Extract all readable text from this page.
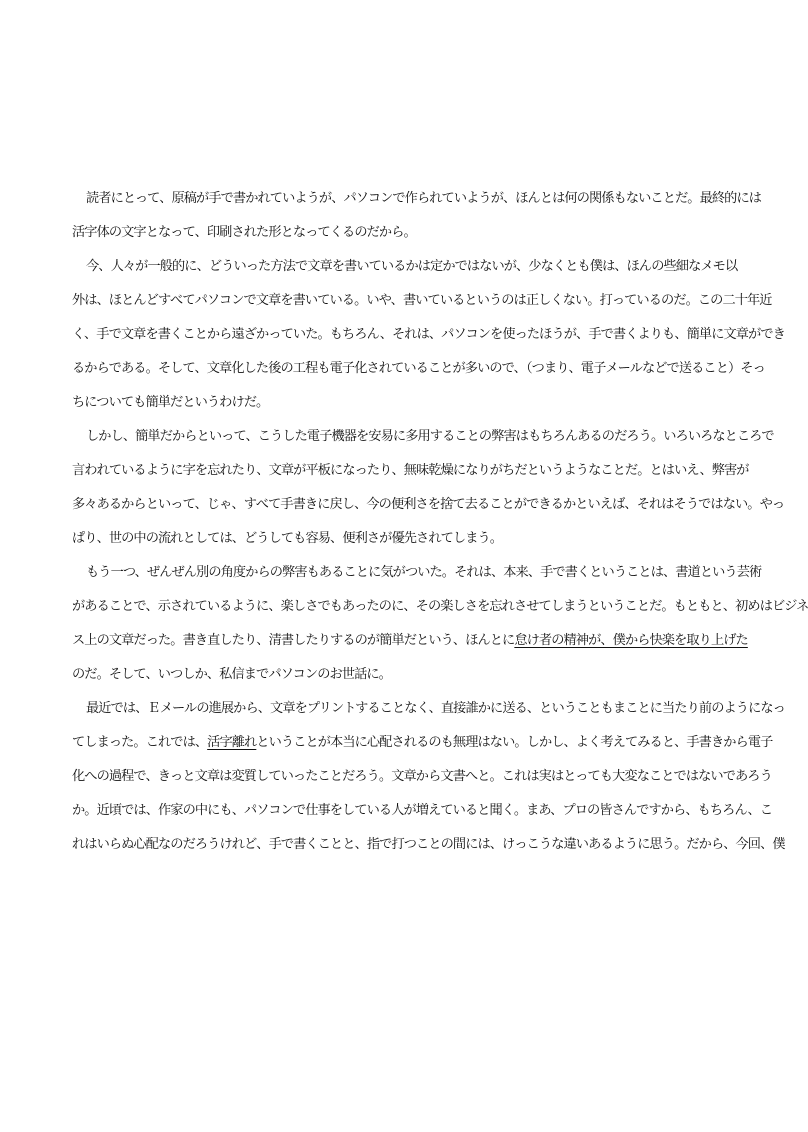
読者にとって、原稿が手で書かれていようが、パソコンで作られていようが、ほんとは何の関係もないことだ。最終的には
活字体の文字となって、印刷された形となってくるのだから。
今、人々が一般的に、どういった方法で文章を書いているかは定かではないが、少なくとも僕は、ほんの些細なメモ以
外は、ほとんどすべてパソコンで文章を書いている。いや、書いているというのは正しくない。打っているのだ。この二十年近
く、手で文章を書くことから遠ざかっていた。もちろん、それは、パソコンを使ったほうが、手で書くよりも、簡単に文章ができ
るからである。そして、文章化した後の工程も電子化されていることが多いので、（つまり、電子メールなどで送ること）そっ
ちについても簡単だというわけだ。
しかし、簡単だからといって、こうした電子機器を安易に多用することの弊害はもちろんあるのだろう。いろいろなところで
言われているように字を忘れたり、文章が平板になったり、無味乾燥になりがちだというようなことだ。とはいえ、弊害が
多々あるからといって、じゃ、すべて手書きに戻し、今の便利さを捨て去ることができるかといえば、それはそうではない。やっ
ぱり、世の中の流れとしては、どうしても容易、便利さが優先されてしまう。
もう一つ、ぜんぜん別の角度からの弊害もあることに気がついた。それは、本来、手で書くということは、書道という芸術
があることで、示されているように、楽しさでもあったのに、その楽しさを忘れさせてしまうということだ。もともと、初めはビジネ
ス上の文章だった。書き直したり、清書したりするのが簡単だという、ほんとに怠け者の精神が、僕から快楽を取り上げた
のだ。そして、いつしか、私信までパソコンのお世話に。
最近では、Ｅメールの進展から、文章をプリントすることなく、直接誰かに送る、ということもまことに当たり前のようになっ
てしまった。これでは、活字離れということが本当に心配されるのも無理はない。しかし、よく考えてみると、手書きから電子
化への過程で、きっと文章は変質していったことだろう。文章から文書へと。これは実はとっても大変なことではないであろう
か。近頃では、作家の中にも、パソコンで仕事をしている人が増えていると聞く。まあ、プロの皆さんですから、もちろん、こ
れはいらぬ心配なのだろうけれど、手で書くことと、指で打つことの間には、けっこうな違いあるように思う。だから、今回、僕
